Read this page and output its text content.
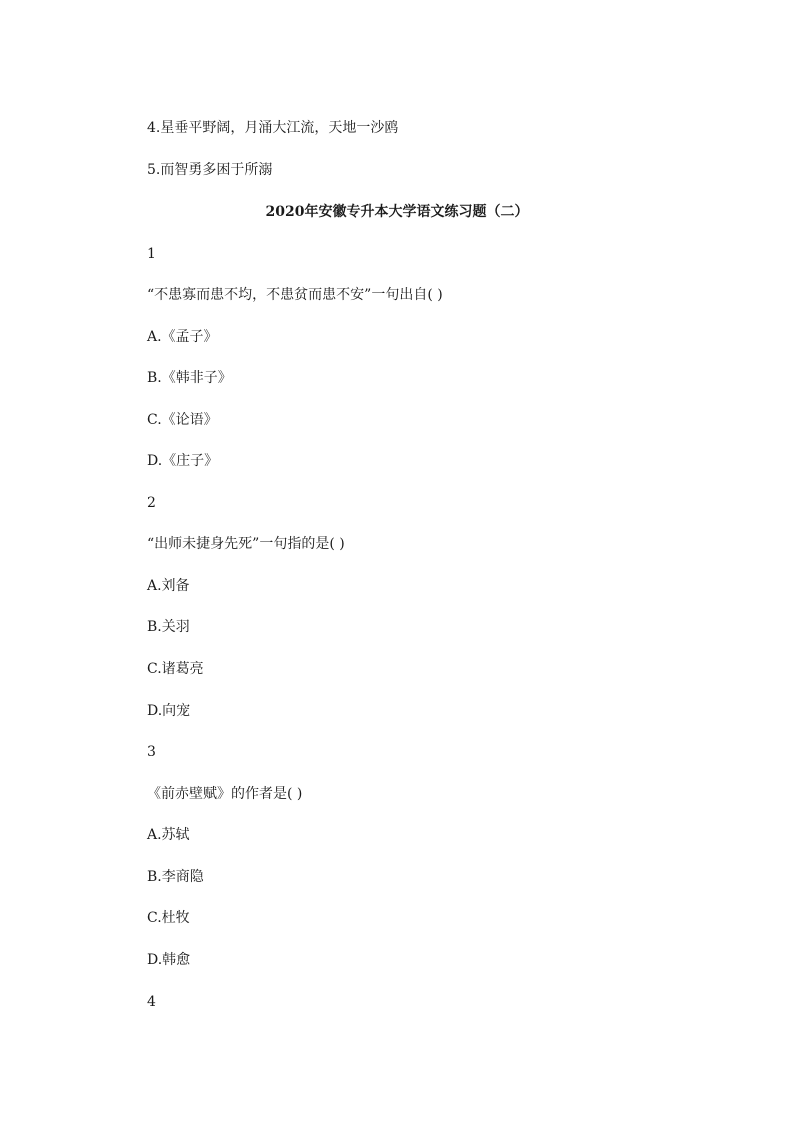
4.星垂平野阔，月涌大江流，天地一沙鸥
5.而智勇多困于所溺
2020年安徽专升本大学语文练习题（二）
1
“不患寡而患不均，不患贫而患不安”一句出自( )
A.《孟子》
B.《韩非子》
C.《论语》
D.《庄子》
2
“出师未捷身先死”一句指的是( )
A.刘备
B.关羽
C.诸葛亮
D.向宠
3
《前赤壁赋》的作者是( )
A.苏轼
B.李商隐
C.杜牧
D.韩愈
4
